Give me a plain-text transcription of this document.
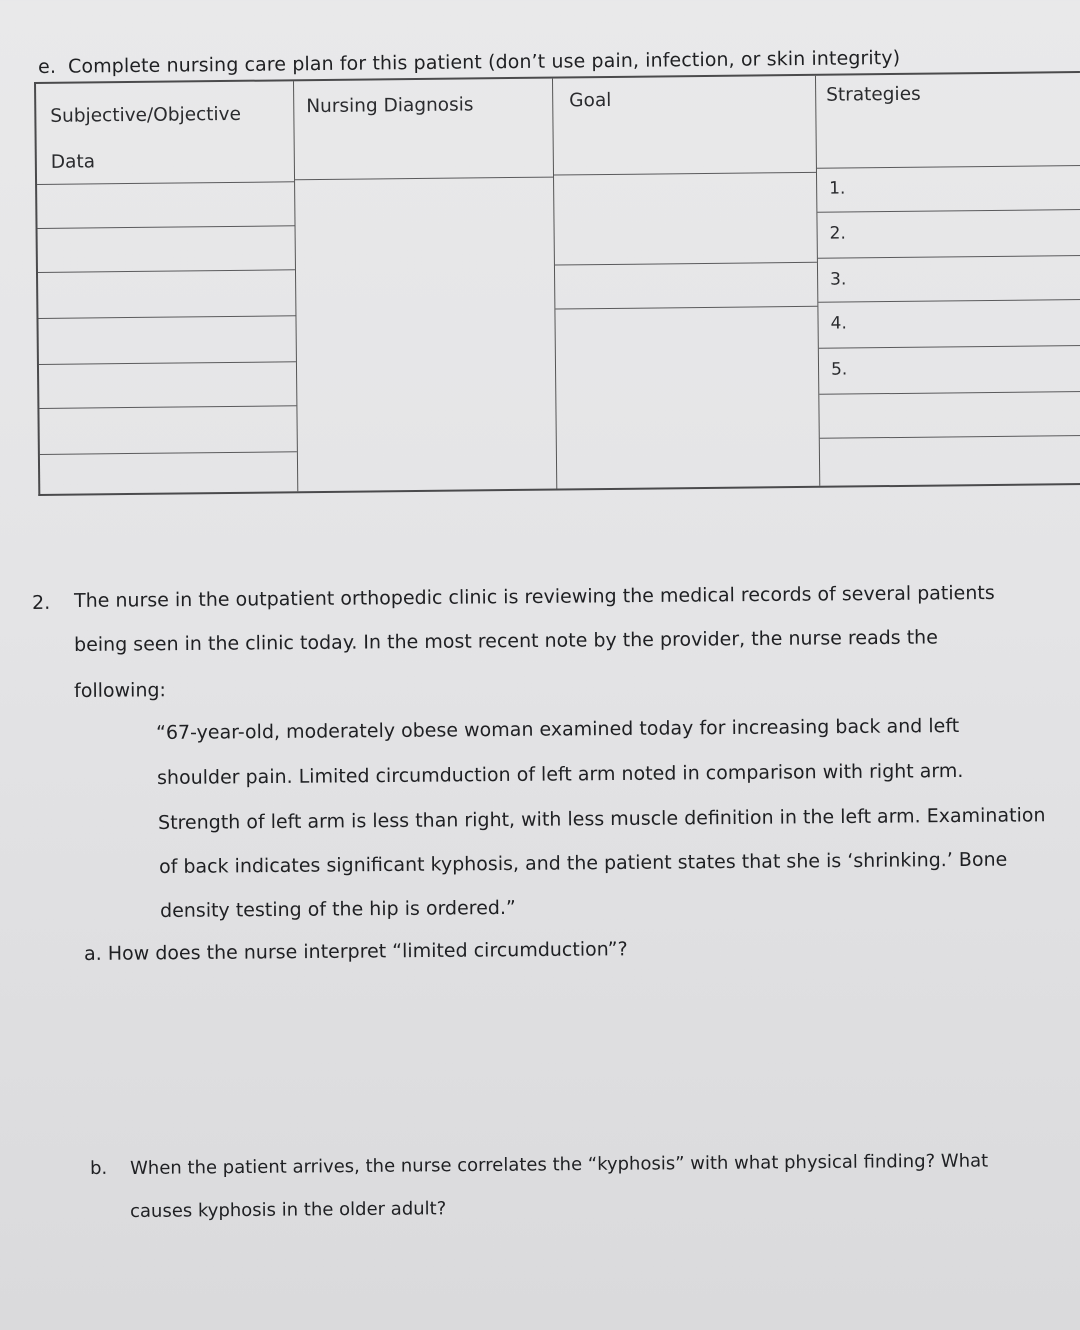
e. Complete nursing care plan for this patient (don’t use pain, infection, or skin integrity)
Subjective/Objective
Data
Nursing Diagnosis	Goal	Strategies
1.
2.
3.
4.
5.
2. The nurse in the outpatient orthopedic clinic is reviewing the medical records of several patients
being seen in the clinic today. In the most recent note by the provider, the nurse reads the
following:
“67-year-old, moderately obese woman examined today for increasing back and left
shoulder pain. Limited circumduction of left arm noted in comparison with right arm.
Strength of left arm is less than right, with less muscle definition in the left arm. Examination
of back indicates significant kyphosis, and the patient states that she is ‘shrinking.’ Bone
density testing of the hip is ordered.”
a. How does the nurse interpret “limited circumduction”?
b. When the patient arrives, the nurse correlates the “kyphosis” with what physical finding? What
causes kyphosis in the older adult?
